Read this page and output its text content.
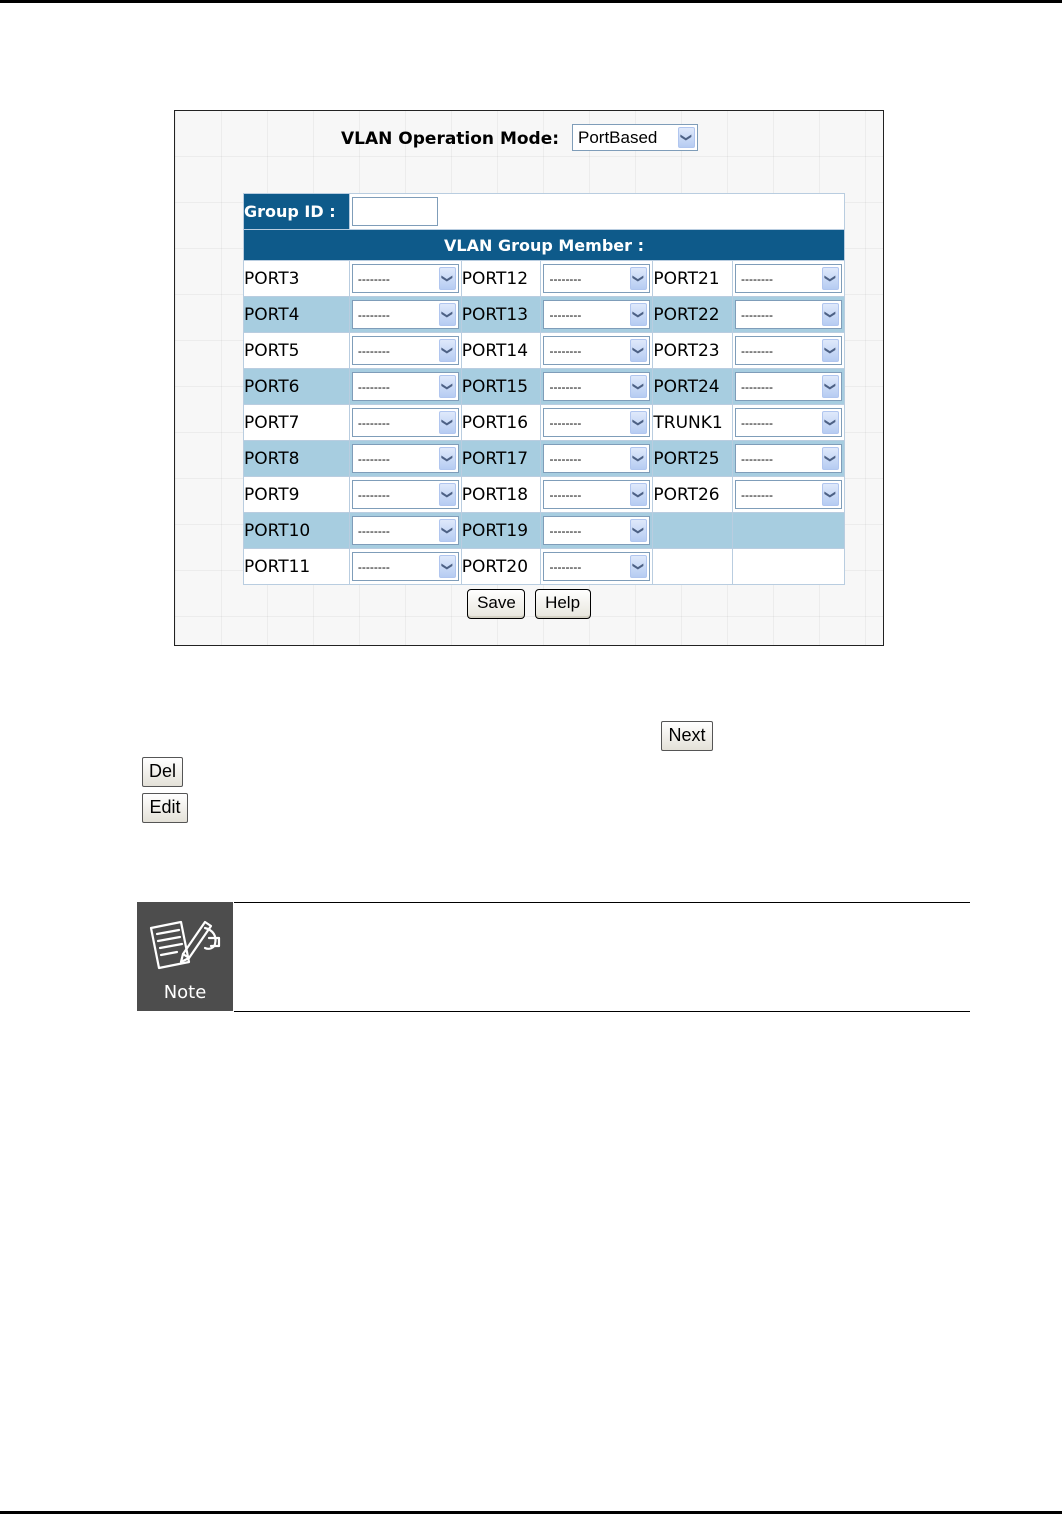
VLAN Operation Mode: PortBased ❯
Group ID :					

VLAN Group Member :					
PORT3	-------- ❯	PORT12	-------- ❯	PORT21	-------- ❯

PORT4	-------- ❯	PORT13	-------- ❯	PORT22	-------- ❯

PORT5	-------- ❯	PORT14	-------- ❯	PORT23	-------- ❯

PORT6	-------- ❯	PORT15	-------- ❯	PORT24	-------- ❯

PORT7	-------- ❯	PORT16	-------- ❯	TRUNK1	-------- ❯

PORT8	-------- ❯	PORT17	-------- ❯	PORT25	-------- ❯

PORT9	-------- ❯	PORT18	-------- ❯	PORT26	-------- ❯

PORT10	-------- ❯	PORT19	-------- ❯		

PORT11	-------- ❯	PORT20	-------- ❯		

Save Help
Next
Del
Edit
Note
